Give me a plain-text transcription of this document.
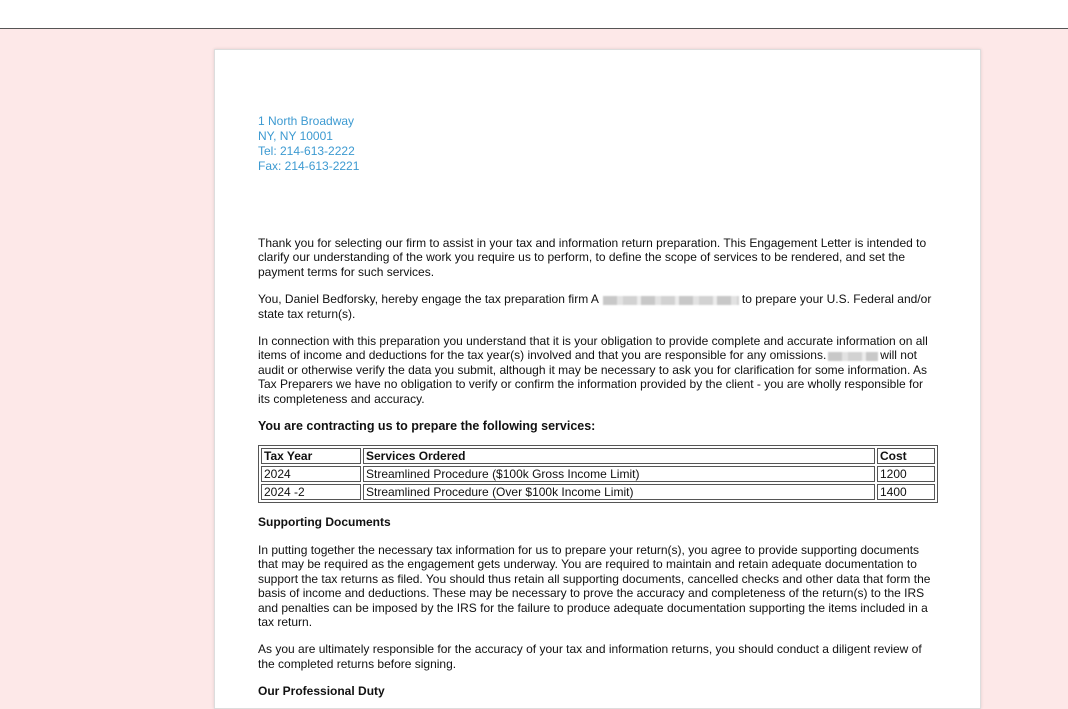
1 North Broadway
NY, NY 10001
Tel: 214-613-2222
Fax: 214-613-2221

Thank you for selecting our firm to assist in your tax and information return preparation. This Engagement Letter is intended to clarify our understanding of the work you require us to perform, to define the scope of services to be rendered, and set the payment terms for such services.

You, Daniel Bedforsky, hereby engage the tax preparation firm A	to prepare your U.S. Federal and/or state tax return(s).

In connection with this preparation you understand that it is your obligation to provide complete and accurate information on all items of income and deductions for the tax year(s) involved and that you are responsible for any omissions.	will not audit or otherwise verify the data you submit, although it may be necessary to ask you for clarification for some information. As Tax Preparers we have no obligation to verify or confirm the information provided by the client - you are wholly responsible for its completeness and accuracy.

You are contracting us to prepare the following services:

Tax Year	Services Ordered	Cost
2024	Streamlined Procedure ($100k Gross Income Limit)	1200
2024 -2	Streamlined Procedure (Over $100k Income Limit)	1400

Supporting Documents

In putting together the necessary tax information for us to prepare your return(s), you agree to provide supporting documents that may be required as the engagement gets underway. You are required to maintain and retain adequate documentation to support the tax returns as filed. You should thus retain all supporting documents, cancelled checks and other data that form the basis of income and deductions. These may be necessary to prove the accuracy and completeness of the return(s) to the IRS and penalties can be imposed by the IRS for the failure to produce adequate documentation supporting the items included in a tax return.

As you are ultimately responsible for the accuracy of your tax and information returns, you should conduct a diligent review of the completed returns before signing.

Our Professional Duty
